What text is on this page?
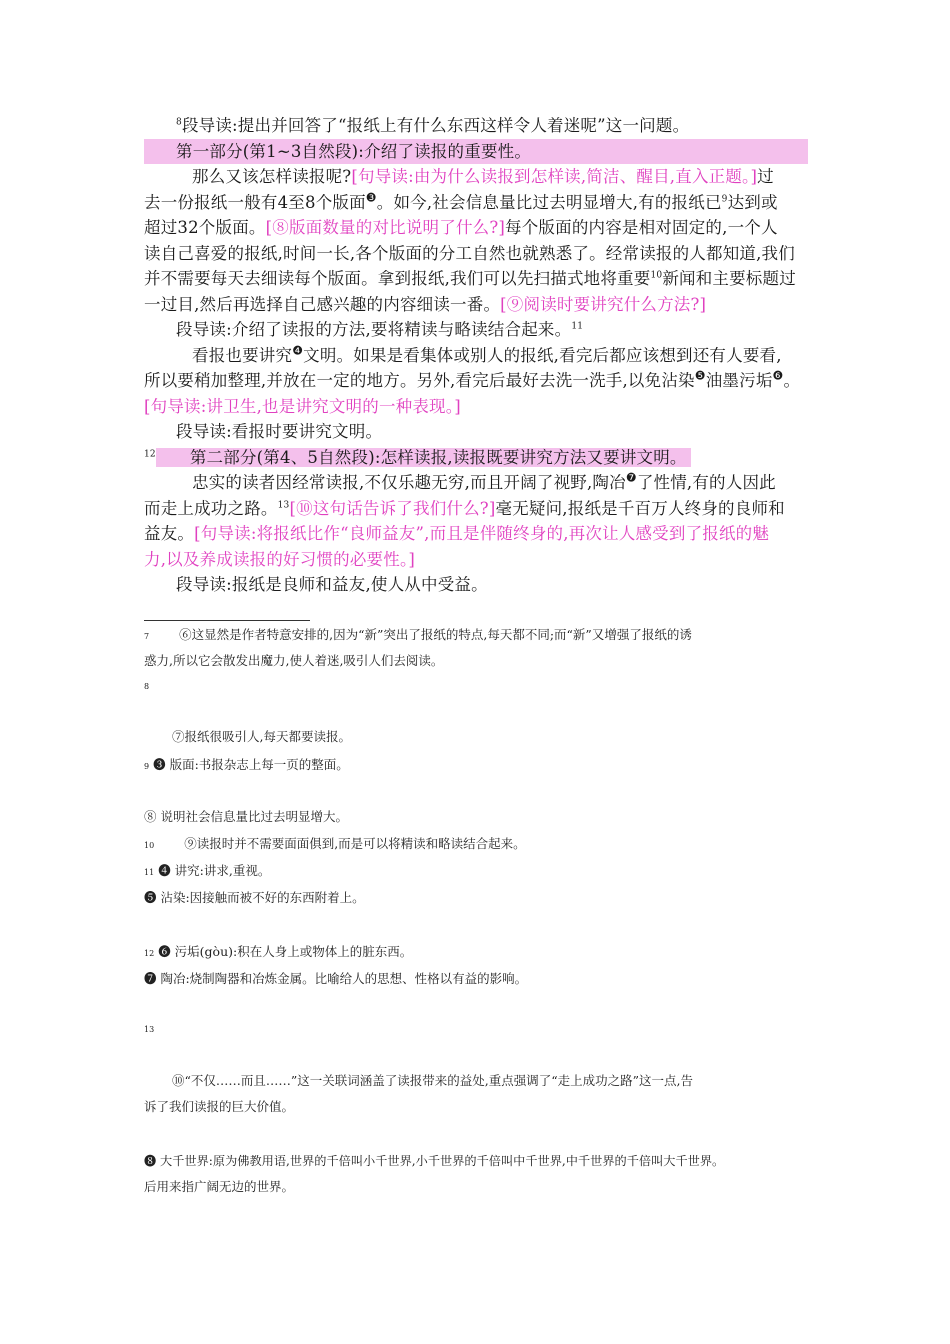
$^8$段导读:提出并回答了“报纸上有什么东西这样令人着迷呢”这一问题。
第一部分(第1~3自然段):介绍了读报的重要性。
那么又该怎样读报呢?[句导读:由为什么读报到怎样读,简洁、醒目,直入正题。]过
去一份报纸一般有4至8个版面$^❸$。如今,社会信息量比过去明显增大,有的报纸已$^9$达到或
超过32个版面。[⑧版面数量的对比说明了什么?]每个版面的内容是相对固定的,一个人
读自己喜爱的报纸,时间一长,各个版面的分工自然也就熟悉了。经常读报的人都知道,我们
并不需要每天去细读每个版面。拿到报纸,我们可以先扫描式地将重要$^{10}$新闻和主要标题过
一过目,然后再选择自己感兴趣的内容细读一番。[⑨阅读时要讲究什么方法?]
段导读:介绍了读报的方法,要将精读与略读结合起来。$^{11}$
看报也要讲究$^❹$文明。如果是看集体或别人的报纸,看完后都应该想到还有人要看,
所以要稍加整理,并放在一定的地方。另外,看完后最好去洗一洗手,以免沾染$^❺$油墨污垢$^❻$。
[句导读:讲卫生,也是讲究文明的一种表现。]
段导读:看报时要讲究文明。
$^{12}$ 第二部分(第4、5自然段):怎样读报,读报既要讲究方法又要讲文明。
忠实的读者因经常读报,不仅乐趣无穷,而且开阔了视野,陶冶$^❼$了性情,有的人因此
而走上成功之路。$^{13}$[⑩这句话告诉了我们什么?]毫无疑问,报纸是千百万人终身的良师和
益友。[句导读:将报纸比作“良师益友”,而且是伴随终身的,再次让人感受到了报纸的魅
力,以及养成读报的好习惯的必要性。]
段导读:报纸是良师和益友,使人从中受益。
7 ⑥这显然是作者特意安排的,因为“新”突出了报纸的特点,每天都不同;而“新”又增强了报纸的诱
惑力,所以它会散发出魔力,使人着迷,吸引人们去阅读。
8
⑦报纸很吸引人,每天都要读报。
9 ❸ 版面:书报杂志上每一页的整面。
⑧ 说明社会信息量比过去明显增大。
10 ⑨读报时并不需要面面俱到,而是可以将精读和略读结合起来。
11 ❹ 讲究:讲求,重视。
❺ 沾染:因接触而被不好的东西附着上。
12 ❻ 污垢(gòu):积在人身上或物体上的脏东西。
❼ 陶冶:烧制陶器和冶炼金属。比喻给人的思想、性格以有益的影响。
13
⑩“不仅……而且……”这一关联词涵盖了读报带来的益处,重点强调了“走上成功之路”这一点,告
诉了我们读报的巨大价值。
❽ 大千世界:原为佛教用语,世界的千倍叫小千世界,小千世界的千倍叫中千世界,中千世界的千倍叫大千世界。
后用来指广阔无边的世界。
